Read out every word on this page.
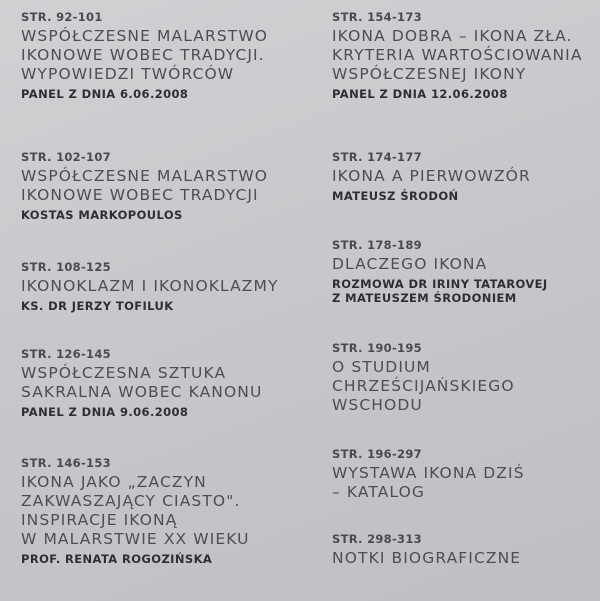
STR. 92-101
WSPÓŁCZESNE MALARSTWO
IKONOWE WOBEC TRADYCJI.
WYPOWIEDZI TWÓRCÓW
PANEL Z DNIA 6.06.2008
STR. 102-107
WSPÓŁCZESNE MALARSTWO
IKONOWE WOBEC TRADYCJI
KOSTAS MARKOPOULOS
STR. 108-125
IKONOKLAZM I IKONOKLAZMY
KS. DR JERZY TOFILUK
STR. 126-145
WSPÓŁCZESNA SZTUKA
SAKRALNA WOBEC KANONU
PANEL Z DNIA 9.06.2008
STR. 146-153
IKONA JAKO „ZACZYN
ZAKWASZAJĄCY CIASTO".
INSPIRACJE IKONĄ
W MALARSTWIE XX WIEKU
PROF. RENATA ROGOZIŃSKA
STR. 154-173
IKONA DOBRA – IKONA ZŁA.
KRYTERIA WARTOŚCIOWANIA
WSPÓŁCZESNEJ IKONY
PANEL Z DNIA 12.06.2008
STR. 174-177
IKONA A PIERWOWZÓR
MATEUSZ ŚRODOŃ
STR. 178-189
DLACZEGO IKONA
ROZMOWA DR IRINY TATAROVEJ
Z MATEUSZEM ŚRODONIEM
STR. 190-195
O STUDIUM
CHRZEŚCIJAŃSKIEGO
WSCHODU
STR. 196-297
WYSTAWA IKONA DZIŚ
– KATALOG
STR. 298-313
NOTKI BIOGRAFICZNE
